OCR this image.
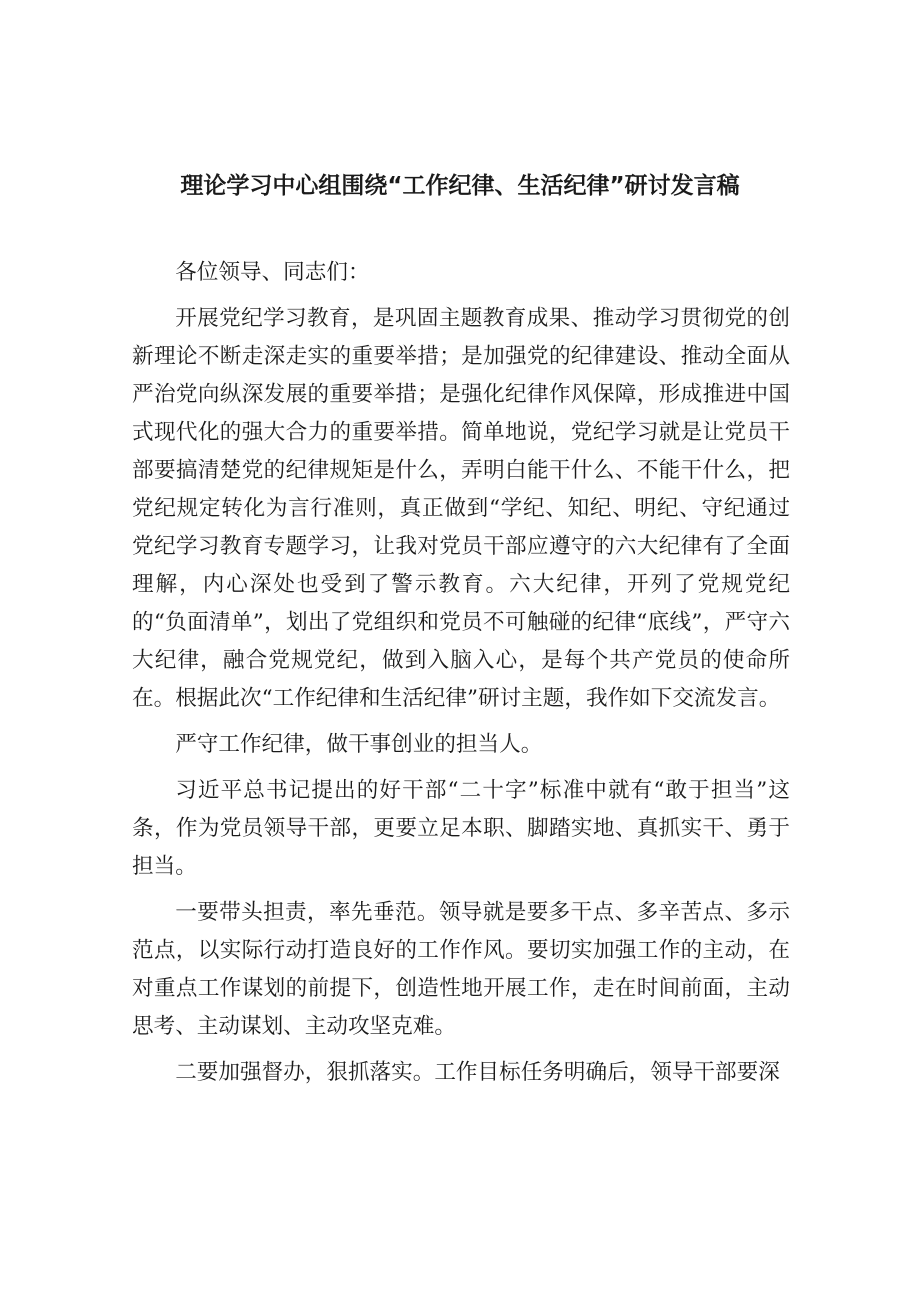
理论学习中心组围绕“工作纪律、生活纪律”研讨发言稿

各位领导、同志们：

开展党纪学习教育，是巩固主题教育成果、推动学习贯彻党的创新理论不断走深走实的重要举措；是加强党的纪律建设、推动全面从严治党向纵深发展的重要举措；是强化纪律作风保障，形成推进中国式现代化的强大合力的重要举措。简单地说，党纪学习就是让党员干部要搞清楚党的纪律规矩是什么，弄明白能干什么、不能干什么，把党纪规定转化为言行准则，真正做到“学纪、知纪、明纪、守纪通过党纪学习教育专题学习，让我对党员干部应遵守的六大纪律有了全面理解，内心深处也受到了警示教育。六大纪律，开列了党规党纪的“负面清单”，划出了党组织和党员不可触碰的纪律“底线”，严守六大纪律，融合党规党纪，做到入脑入心，是每个共产党员的使命所在。根据此次“工作纪律和生活纪律”研讨主题，我作如下交流发言。

严守工作纪律，做干事创业的担当人。

习近平总书记提出的好干部“二十字”标准中就有“敢于担当”这条，作为党员领导干部，更要立足本职、脚踏实地、真抓实干、勇于担当。

一要带头担责，率先垂范。领导就是要多干点、多辛苦点、多示范点，以实际行动打造良好的工作作风。要切实加强工作的主动，在对重点工作谋划的前提下，创造性地开展工作，走在时间前面，主动思考、主动谋划、主动攻坚克难。

二要加强督办，狠抓落实。工作目标任务明确后，领导干部要深
